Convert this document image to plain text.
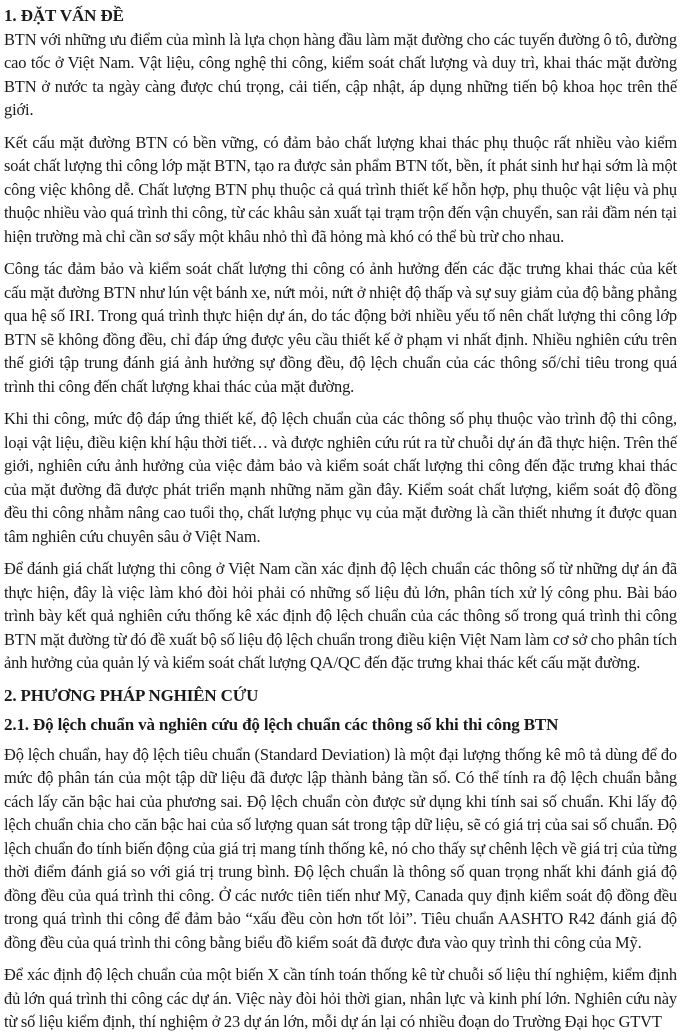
1. ĐẶT VẤN ĐỀ

BTN với những ưu điểm của mình là lựa chọn hàng đầu làm mặt đường cho các tuyến đường ô tô, đường cao tốc ở Việt Nam. Vật liệu, công nghệ thi công, kiểm soát chất lượng và duy trì, khai thác mặt đường BTN ở nước ta ngày càng được chú trọng, cải tiến, cập nhật, áp dụng những tiến bộ khoa học trên thế giới.

Kết cấu mặt đường BTN có bền vững, có đảm bảo chất lượng khai thác phụ thuộc rất nhiều vào kiểm soát chất lượng thi công lớp mặt BTN, tạo ra được sản phẩm BTN tốt, bền, ít phát sinh hư hại sớm là một công việc không dễ. Chất lượng BTN phụ thuộc cả quá trình thiết kế hỗn hợp, phụ thuộc vật liệu và phụ thuộc nhiều vào quá trình thi công, từ các khâu sản xuất tại trạm trộn đến vận chuyển, san rải đầm nén tại hiện trường mà chỉ cần sơ sẩy một khâu nhỏ thì đã hỏng mà khó có thể bù trừ cho nhau.

Công tác đảm bảo và kiểm soát chất lượng thi công có ảnh hưởng đến các đặc trưng khai thác của kết cấu mặt đường BTN như lún vệt bánh xe, nứt mỏi, nứt ở nhiệt độ thấp và sự suy giảm của độ bằng phẳng qua hệ số IRI. Trong quá trình thực hiện dự án, do tác động bởi nhiều yếu tố nên chất lượng thi công lớp BTN sẽ không đồng đều, chỉ đáp ứng được yêu cầu thiết kế ở phạm vi nhất định. Nhiều nghiên cứu trên thế giới tập trung đánh giá ảnh hưởng sự đồng đều, độ lệch chuẩn của các thông số/chỉ tiêu trong quá trình thi công đến chất lượng khai thác của mặt đường.

Khi thi công, mức độ đáp ứng thiết kế, độ lệch chuẩn của các thông số phụ thuộc vào trình độ thi công, loại vật liệu, điều kiện khí hậu thời tiết… và được nghiên cứu rút ra từ chuỗi dự án đã thực hiện. Trên thế giới, nghiên cứu ảnh hưởng của việc đảm bảo và kiểm soát chất lượng thi công đến đặc trưng khai thác của mặt đường đã được phát triển mạnh những năm gần đây. Kiểm soát chất lượng, kiểm soát độ đồng đều thi công nhằm nâng cao tuổi thọ, chất lượng phục vụ của mặt đường là cần thiết nhưng ít được quan tâm nghiên cứu chuyên sâu ở Việt Nam.

Để đánh giá chất lượng thi công ở Việt Nam cần xác định độ lệch chuẩn các thông số từ những dự án đã thực hiện, đây là việc làm khó đòi hỏi phải có những số liệu đủ lớn, phân tích xử lý công phu. Bài báo trình bày kết quả nghiên cứu thống kê xác định độ lệch chuẩn của các thông số trong quá trình thi công BTN mặt đường từ đó đề xuất bộ số liệu độ lệch chuẩn trong điều kiện Việt Nam làm cơ sở cho phân tích ảnh hưởng của quản lý và kiểm soát chất lượng QA/QC đến đặc trưng khai thác kết cấu mặt đường.

2. PHƯƠNG PHÁP NGHIÊN CỨU
2.1. Độ lệch chuẩn và nghiên cứu độ lệch chuẩn các thông số khi thi công BTN

Độ lệch chuẩn, hay độ lệch tiêu chuẩn (Standard Deviation) là một đại lượng thống kê mô tả dùng để đo mức độ phân tán của một tập dữ liệu đã được lập thành bảng tần số. Có thể tính ra độ lệch chuẩn bằng cách lấy căn bậc hai của phương sai. Độ lệch chuẩn còn được sử dụng khi tính sai số chuẩn. Khi lấy độ lệch chuẩn chia cho căn bậc hai của số lượng quan sát trong tập dữ liệu, sẽ có giá trị của sai số chuẩn. Độ lệch chuẩn đo tính biến động của giá trị mang tính thống kê, nó cho thấy sự chênh lệch về giá trị của từng thời điểm đánh giá so với giá trị trung bình. Độ lệch chuẩn là thông số quan trọng nhất khi đánh giá độ đồng đều của quá trình thi công. Ở các nước tiên tiến như Mỹ, Canada quy định kiểm soát độ đồng đều trong quá trình thi công để đảm bảo “xấu đều còn hơn tốt lỏi”. Tiêu chuẩn AASHTO R42 đánh giá độ đồng đều của quá trình thi công bằng biểu đồ kiểm soát đã được đưa vào quy trình thi công của Mỹ.

Để xác định độ lệch chuẩn của một biến X cần tính toán thống kê từ chuỗi số liệu thí nghiệm, kiểm định đủ lớn quá trình thi công các dự án. Việc này đòi hỏi thời gian, nhân lực và kinh phí lớn. Nghiên cứu này từ số liệu kiểm định, thí nghiệm ở 23 dự án lớn, mỗi dự án lại có nhiều đoạn do Trường Đại học GTVT
